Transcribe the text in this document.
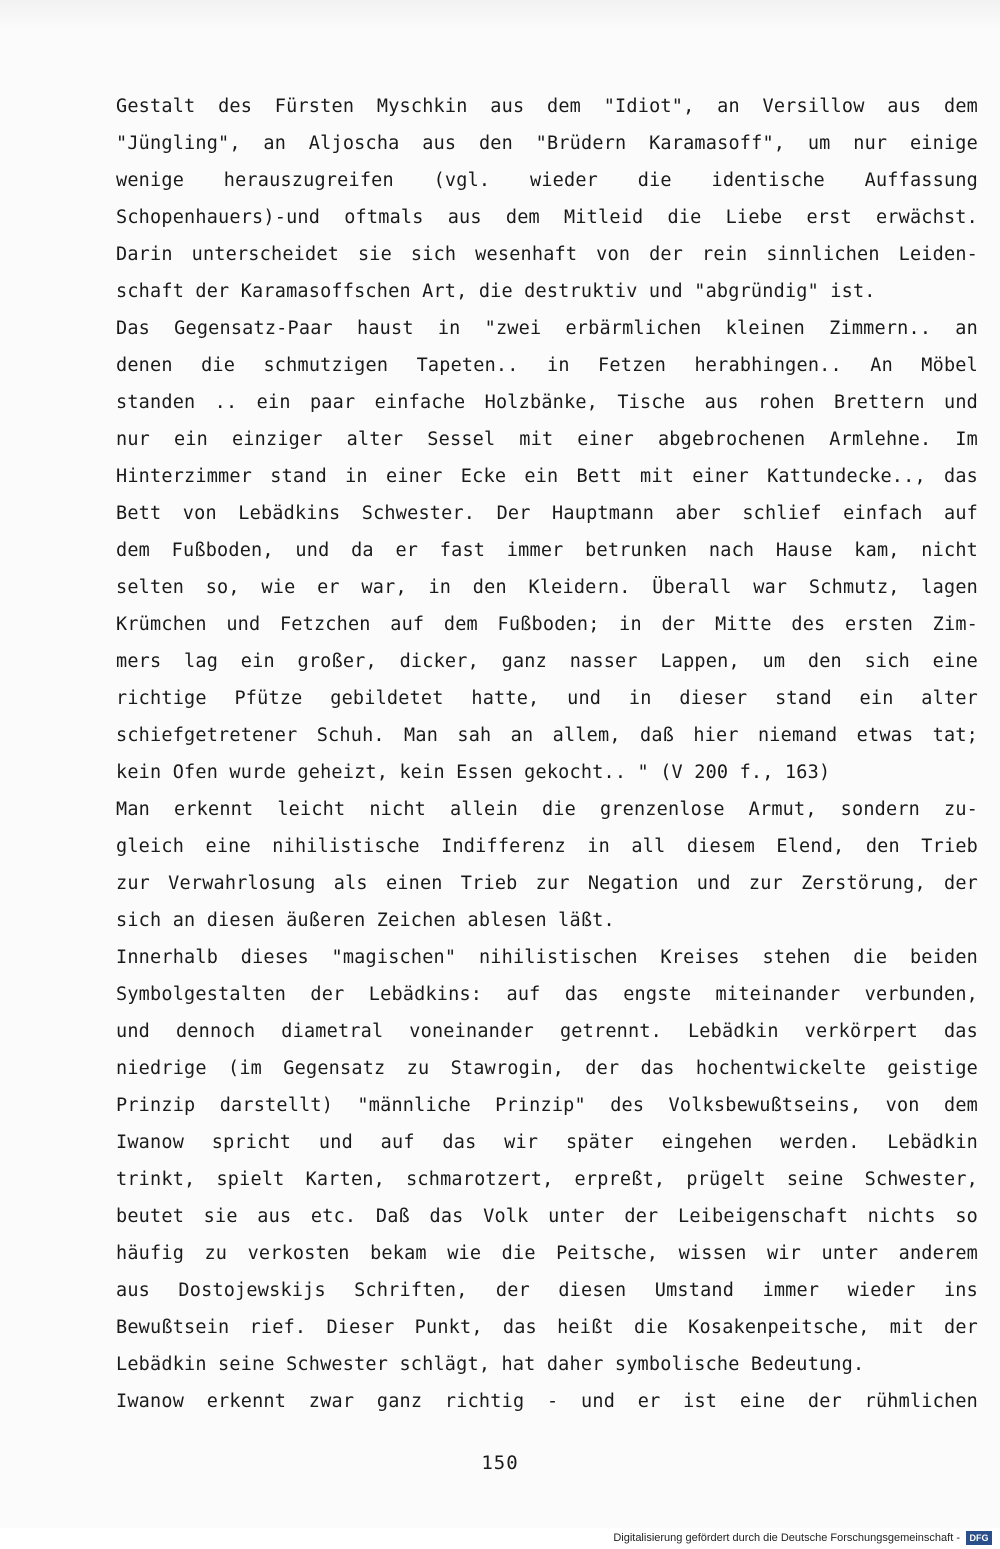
Gestalt des Fürsten Myschkin aus dem "Idiot", an Versillow aus dem
"Jüngling", an Aljoscha aus den "Brüdern Karamasoff", um nur einige
wenige herauszugreifen (vgl. wieder die identische Auffassung
Schopenhauers)-und oftmals aus dem Mitleid die Liebe erst erwächst.
Darin unterscheidet sie sich wesenhaft von der rein sinnlichen Leiden-
schaft der Karamasoffschen Art, die destruktiv und "abgründig" ist.
Das Gegensatz-Paar haust in "zwei erbärmlichen kleinen Zimmern.. an
denen die schmutzigen Tapeten.. in Fetzen herabhingen.. An Möbel
standen .. ein paar einfache Holzbänke, Tische aus rohen Brettern und
nur ein einziger alter Sessel mit einer abgebrochenen Armlehne. Im
Hinterzimmer stand in einer Ecke ein Bett mit einer Kattundecke.., das
Bett von Lebädkins Schwester. Der Hauptmann aber schlief einfach auf
dem Fußboden, und da er fast immer betrunken nach Hause kam, nicht
selten so, wie er war, in den Kleidern. Überall war Schmutz, lagen
Krümchen und Fetzchen auf dem Fußboden; in der Mitte des ersten Zim-
mers lag ein großer, dicker, ganz nasser Lappen, um den sich eine
richtige Pfütze gebildetet hatte, und in dieser stand ein alter
schiefgetretener Schuh. Man sah an allem, daß hier niemand etwas tat;
kein Ofen wurde geheizt, kein Essen gekocht.. " (V 200 f., 163)
Man erkennt leicht nicht allein die grenzenlose Armut, sondern zu-
gleich eine nihilistische Indifferenz in all diesem Elend, den Trieb
zur Verwahrlosung als einen Trieb zur Negation und zur Zerstörung, der
sich an diesen äußeren Zeichen ablesen läßt.
Innerhalb dieses "magischen" nihilistischen Kreises stehen die beiden
Symbolgestalten der Lebädkins: auf das engste miteinander verbunden,
und dennoch diametral voneinander getrennt. Lebädkin verkörpert das
niedrige (im Gegensatz zu Stawrogin, der das hochentwickelte geistige
Prinzip darstellt) "männliche Prinzip" des Volksbewußtseins, von dem
Iwanow spricht und auf das wir später eingehen werden. Lebädkin
trinkt, spielt Karten, schmarotzert, erpreßt, prügelt seine Schwester,
beutet sie aus etc. Daß das Volk unter der Leibeigenschaft nichts so
häufig zu verkosten bekam wie die Peitsche, wissen wir unter anderem
aus Dostojewskijs Schriften, der diesen Umstand immer wieder ins
Bewußtsein rief. Dieser Punkt, das heißt die Kosakenpeitsche, mit der
Lebädkin seine Schwester schlägt, hat daher symbolische Bedeutung.
Iwanow erkennt zwar ganz richtig - und er ist eine der rühmlichen
150
Digitalisierung gefördert durch die Deutsche Forschungsgemeinschaft -	DFG
